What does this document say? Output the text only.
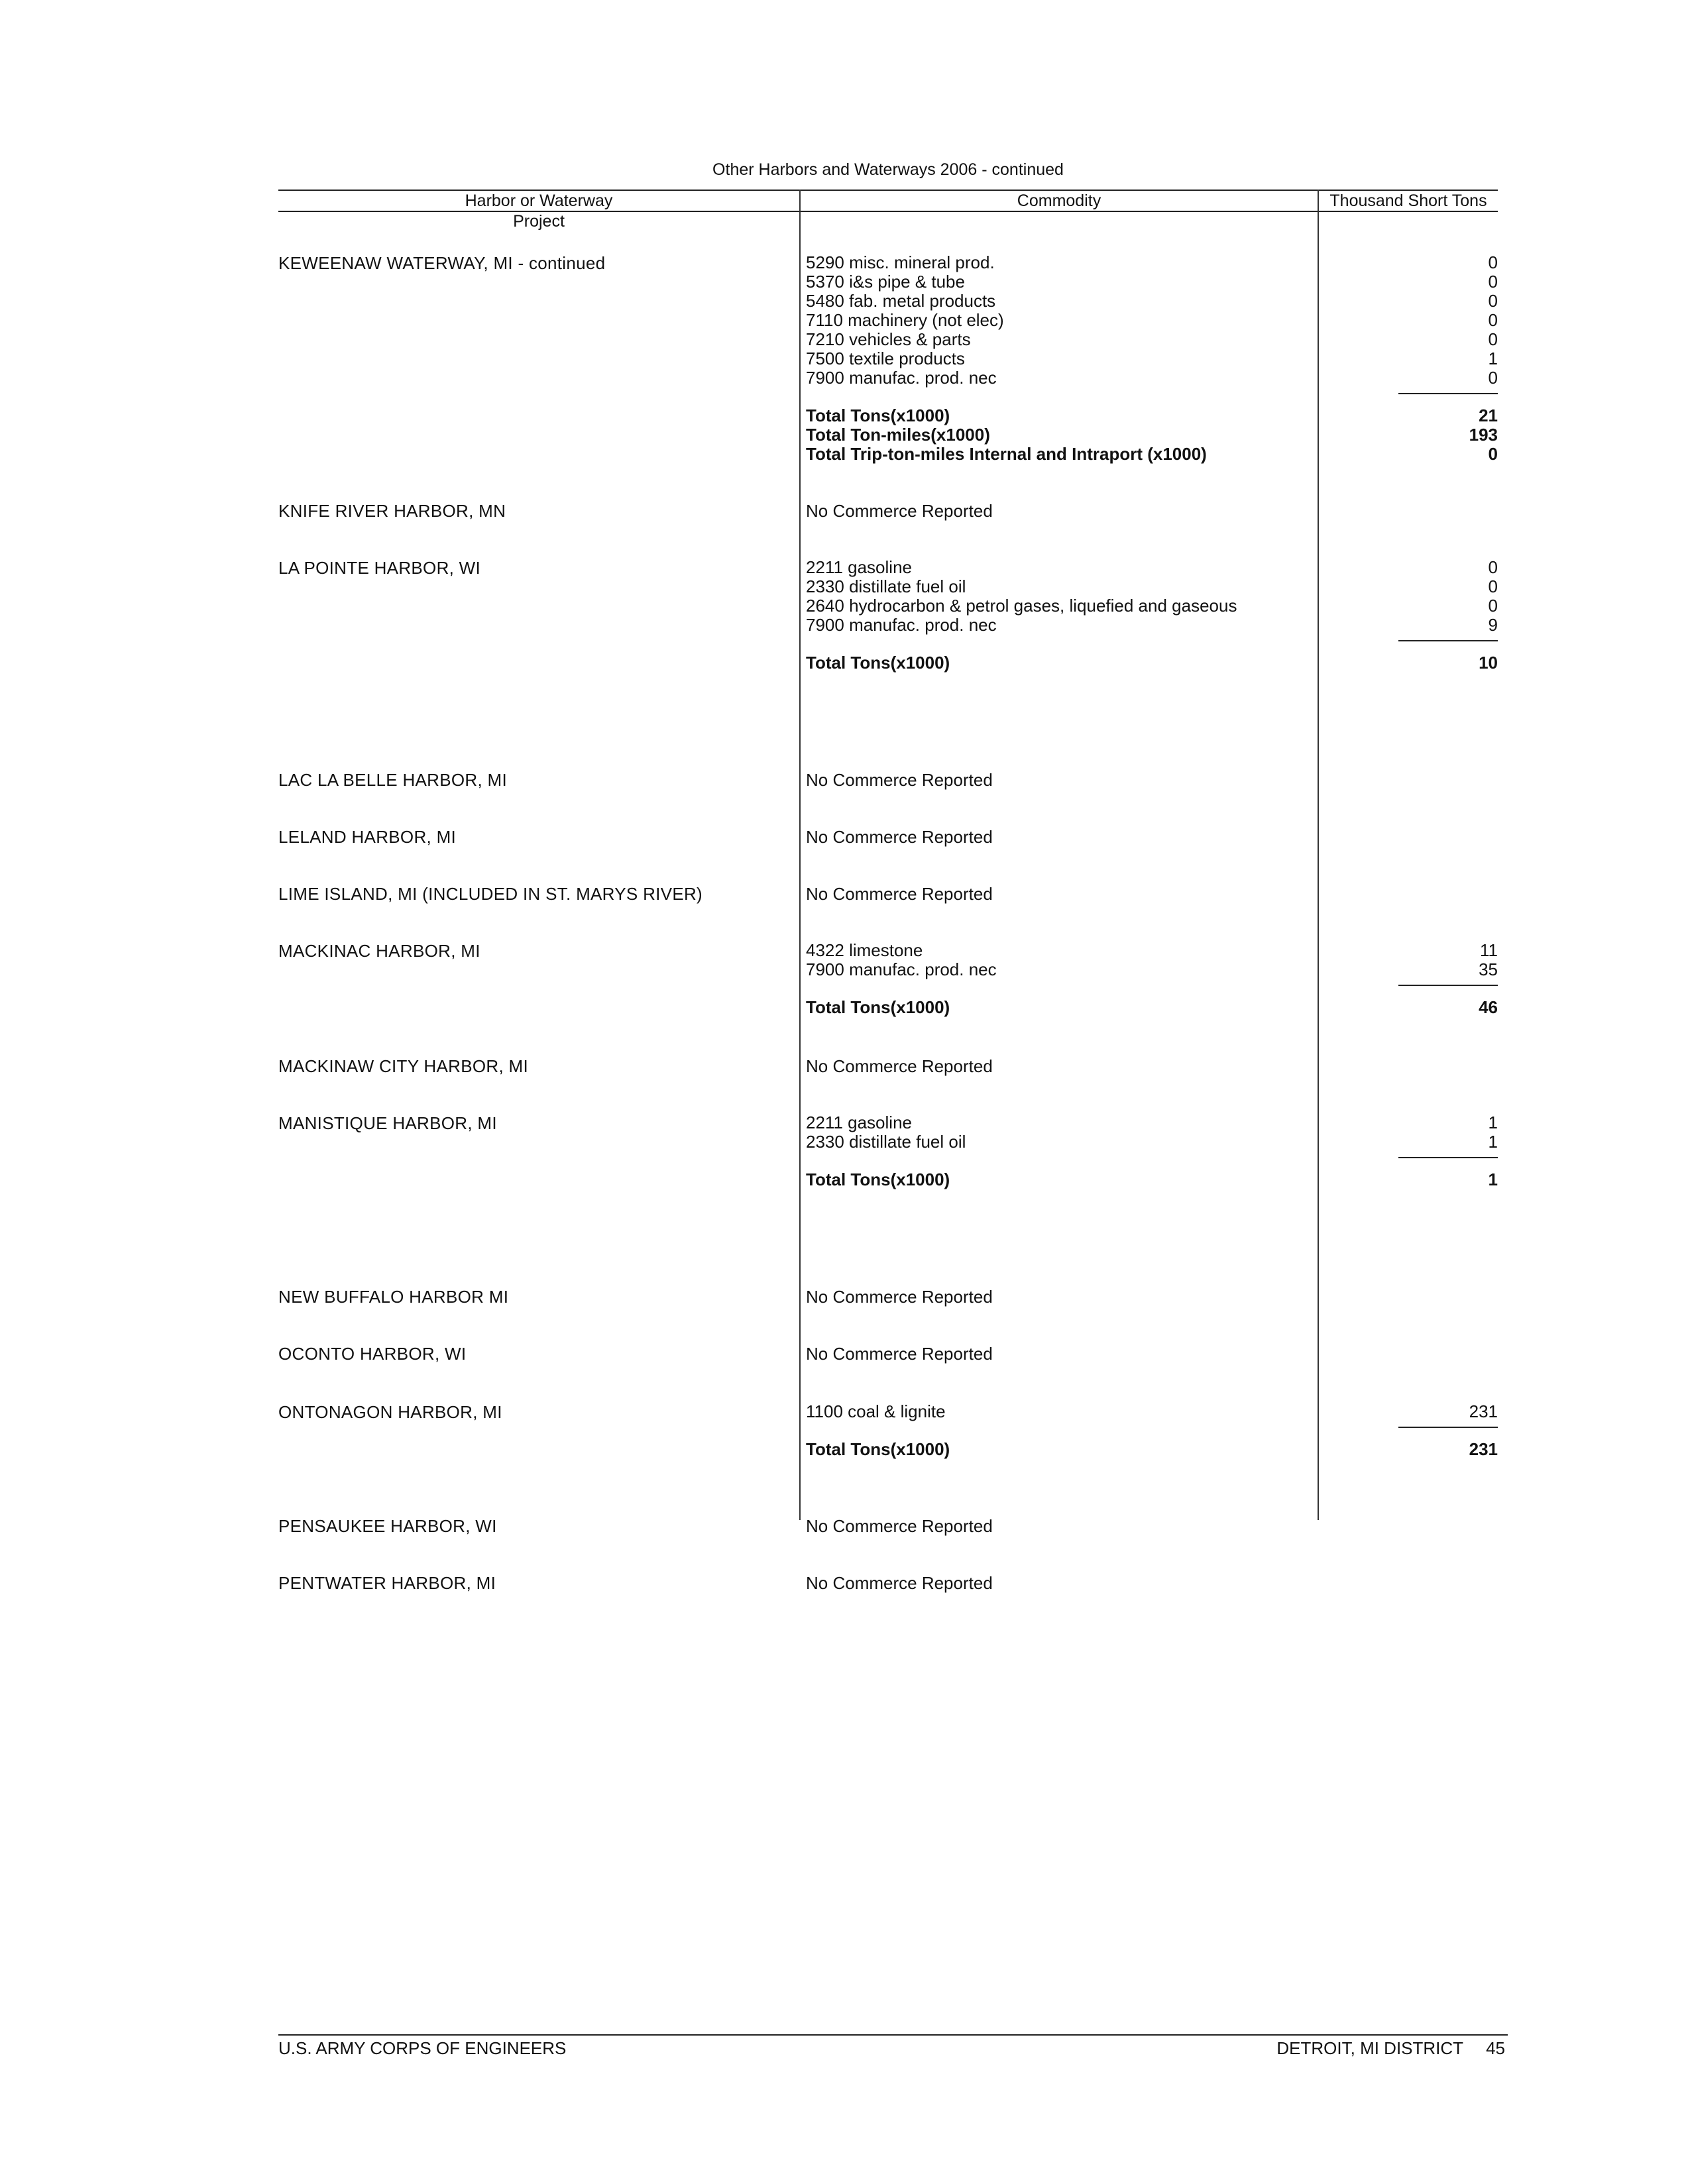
Other Harbors and Waterways 2006 - continued
Harbor or Waterway
Project
Commodity	Thousand Short Tons
KEWEENAW WATERWAY, MI - continued	5290 misc. mineral prod.	0
5370 i&s pipe & tube	0
5480 fab. metal products	0
7110 machinery (not elec)	0
7210 vehicles & parts	0
7500 textile products	1
7900 manufac. prod. nec	0
Total Tons(x1000)	21
Total Ton-miles(x1000)	193
Total Trip-ton-miles Internal and Intraport (x1000)	0
KNIFE RIVER HARBOR, MN	No Commerce Reported
LA POINTE HARBOR, WI	2211 gasoline	0
2330 distillate fuel oil	0
2640 hydrocarbon & petrol gases, liquefied and gaseous	0
7900 manufac. prod. nec	9
Total Tons(x1000)	10
LAC LA BELLE HARBOR, MI	No Commerce Reported
LELAND HARBOR, MI	No Commerce Reported
LIME ISLAND, MI (INCLUDED IN ST. MARYS RIVER)	No Commerce Reported
MACKINAC HARBOR, MI	4322 limestone	11
7900 manufac. prod. nec	35
Total Tons(x1000)	46
MACKINAW CITY HARBOR, MI	No Commerce Reported
MANISTIQUE HARBOR, MI	2211 gasoline	1
2330 distillate fuel oil	1
Total Tons(x1000)	1
NEW BUFFALO HARBOR MI	No Commerce Reported
OCONTO HARBOR, WI	No Commerce Reported
ONTONAGON HARBOR, MI	1100 coal & lignite	231
Total Tons(x1000)	231
PENSAUKEE HARBOR, WI	No Commerce Reported
PENTWATER HARBOR, MI	No Commerce Reported
U.S. ARMY CORPS OF ENGINEERS	DETROIT, MI DISTRICT 45
